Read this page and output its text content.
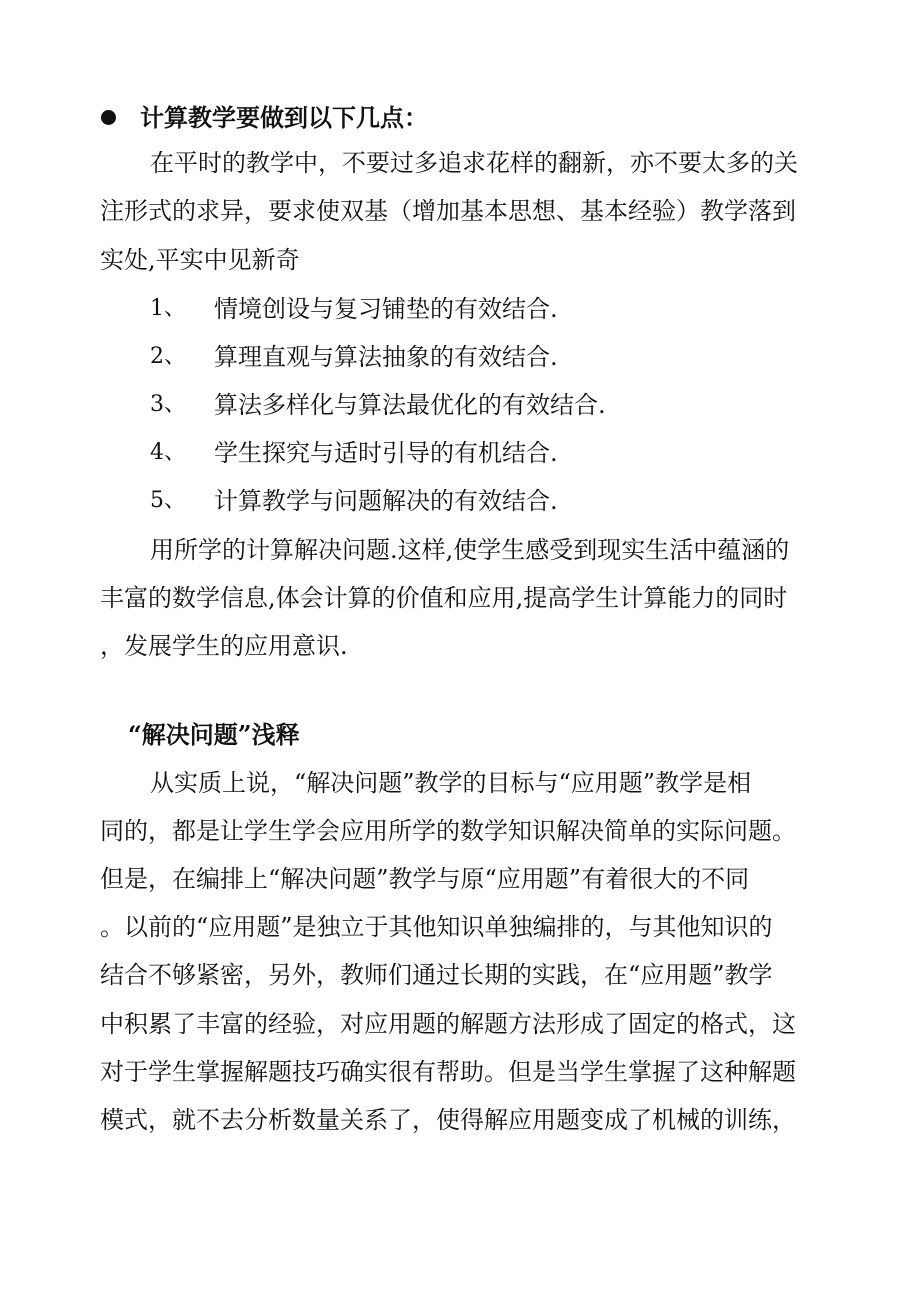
计算教学要做到以下几点：
在平时的教学中，不要过多追求花样的翻新，亦不要太多的关
注形式的求异，要求使双基（增加基本思想、基本经验）教学落到
实处,平实中见新奇
1、 情境创设与复习铺垫的有效结合.
2、 算理直观与算法抽象的有效结合.
3、 算法多样化与算法最优化的有效结合.
4、 学生探究与适时引导的有机结合.
5、 计算教学与问题解决的有效结合.
用所学的计算解决问题.这样,使学生感受到现实生活中蕴涵的
丰富的数学信息,体会计算的价值和应用,提高学生计算能力的同时
，发展学生的应用意识.
“解决问题”浅释
从实质上说，“解决问题”教学的目标与“应用题”教学是相
同的，都是让学生学会应用所学的数学知识解决简单的实际问题。
但是，在编排上“解决问题”教学与原“应用题”有着很大的不同
。以前的“应用题”是独立于其他知识单独编排的，与其他知识的
结合不够紧密，另外，教师们通过长期的实践，在“应用题”教学
中积累了丰富的经验，对应用题的解题方法形成了固定的格式，这
对于学生掌握解题技巧确实很有帮助。但是当学生掌握了这种解题
模式，就不去分析数量关系了，使得解应用题变成了机械的训练，
